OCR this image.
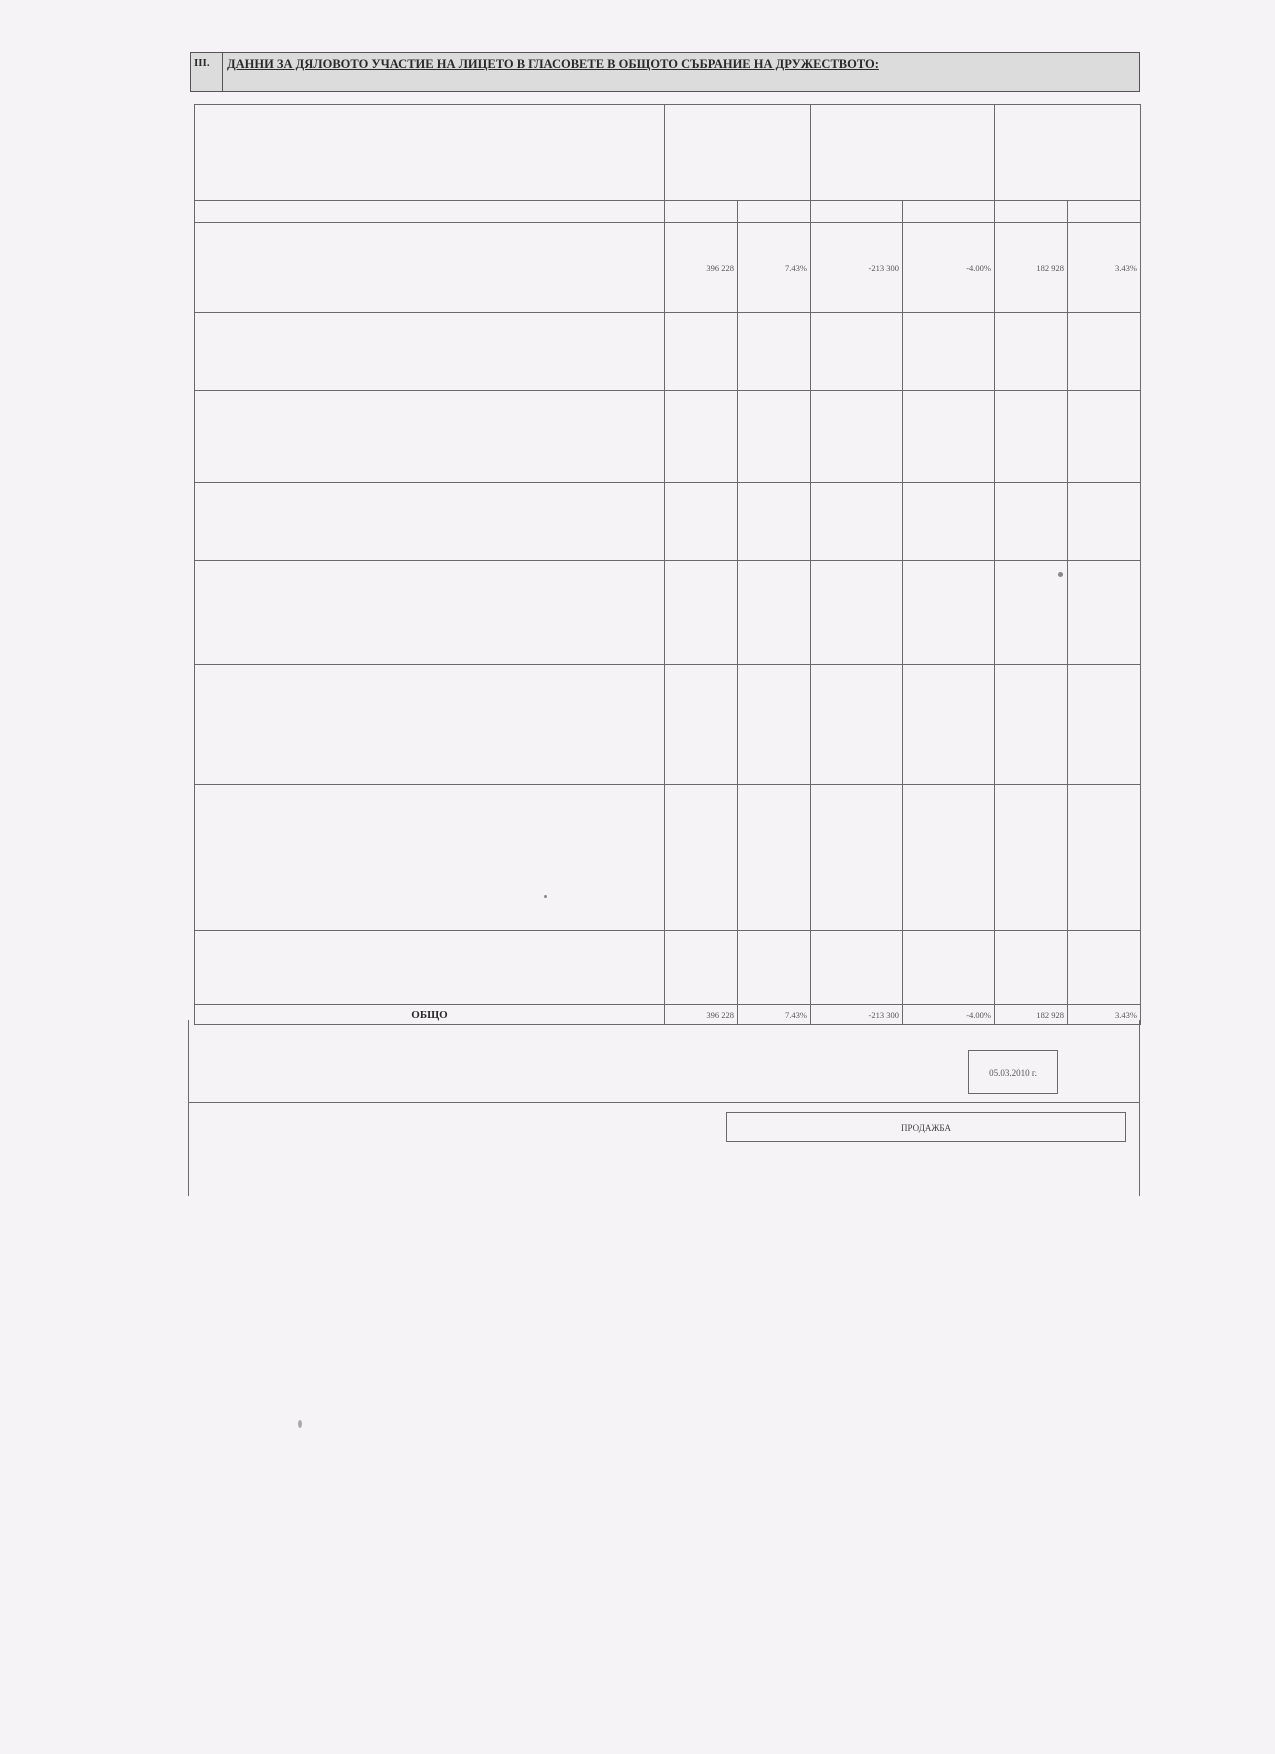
III.	ДАННИ ЗА ДЯЛОВОТО УЧАСТИЕ НА ЛИЦЕТО В ГЛАСОВЕТЕ В ОБЩОТО СЪБРАНИЕ НА ДРУЖЕСТВОТО:

	396 228	7.43%	-213 300	-4.00%	182 928	3.43%

ОБЩО	396 228	7.43%	-213 300	-4.00%	182 928	3.43%
05.03.2010 г.
ПРОДАЖБА
